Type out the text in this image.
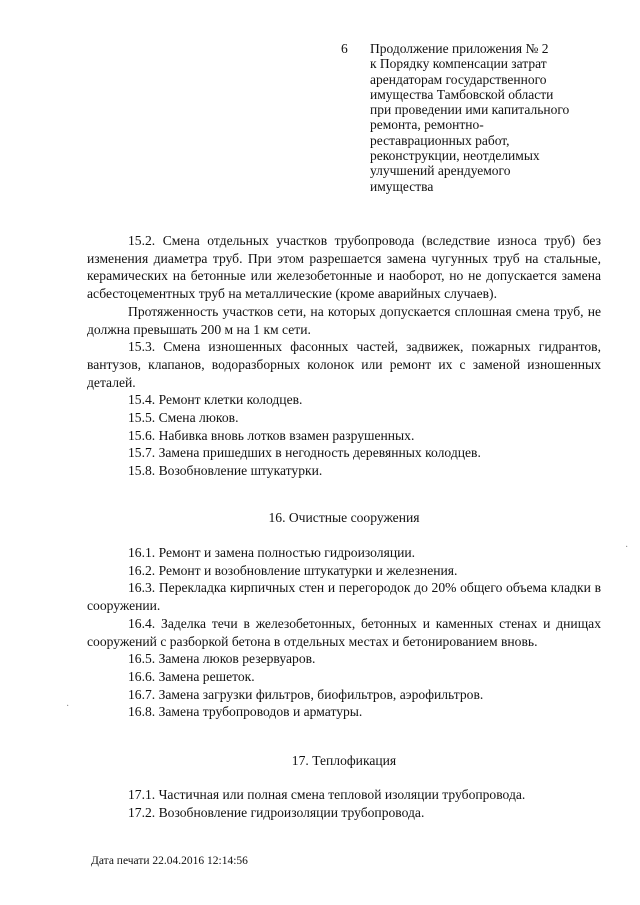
6 Продолжение приложения № 2
к Порядку компенсации затрат
арендаторам государственного
имущества Тамбовской области
при проведении ими капитального
ремонта, ремонтно-
реставрационных работ,
реконструкции, неотделимых
улучшений арендуемого
имущества

15.2. Смена отдельных участков трубопровода (вследствие износа труб) без изменения диаметра труб. При этом разрешается замена чугунных труб на стальные, керамических на бетонные или железобетонные и наоборот, но не допускается замена асбестоцементных труб на металлические (кроме аварийных случаев).

Протяженность участков сети, на которых допускается сплошная смена труб, не должна превышать 200 м на 1 км сети.

15.3. Смена изношенных фасонных частей, задвижек, пожарных гидрантов, вантузов, клапанов, водоразборных колонок или ремонт их с заменой изношенных деталей.

15.4. Ремонт клетки колодцев.

15.5. Смена люков.

15.6. Набивка вновь лотков взамен разрушенных.

15.7. Замена пришедших в негодность деревянных колодцев.

15.8. Возобновление штукатурки.

16. Очистные сооружения

16.1. Ремонт и замена полностью гидроизоляции.

16.2. Ремонт и возобновление штукатурки и железнения.

16.3. Перекладка кирпичных стен и перегородок до 20% общего объема кладки в сооружении.

16.4. Заделка течи в железобетонных, бетонных и каменных стенах и днищах сооружений с разборкой бетона в отдельных местах и бетонированием вновь.

16.5. Замена люков резервуаров.

16.6. Замена решеток.

16.7. Замена загрузки фильтров, биофильтров, аэрофильтров.

16.8. Замена трубопроводов и арматуры.

17. Теплофикация

17.1. Частичная или полная смена тепловой изоляции трубопровода.

17.2. Возобновление гидроизоляции трубопровода.

Дата печати 22.04.2016 12:14:56
·
·
